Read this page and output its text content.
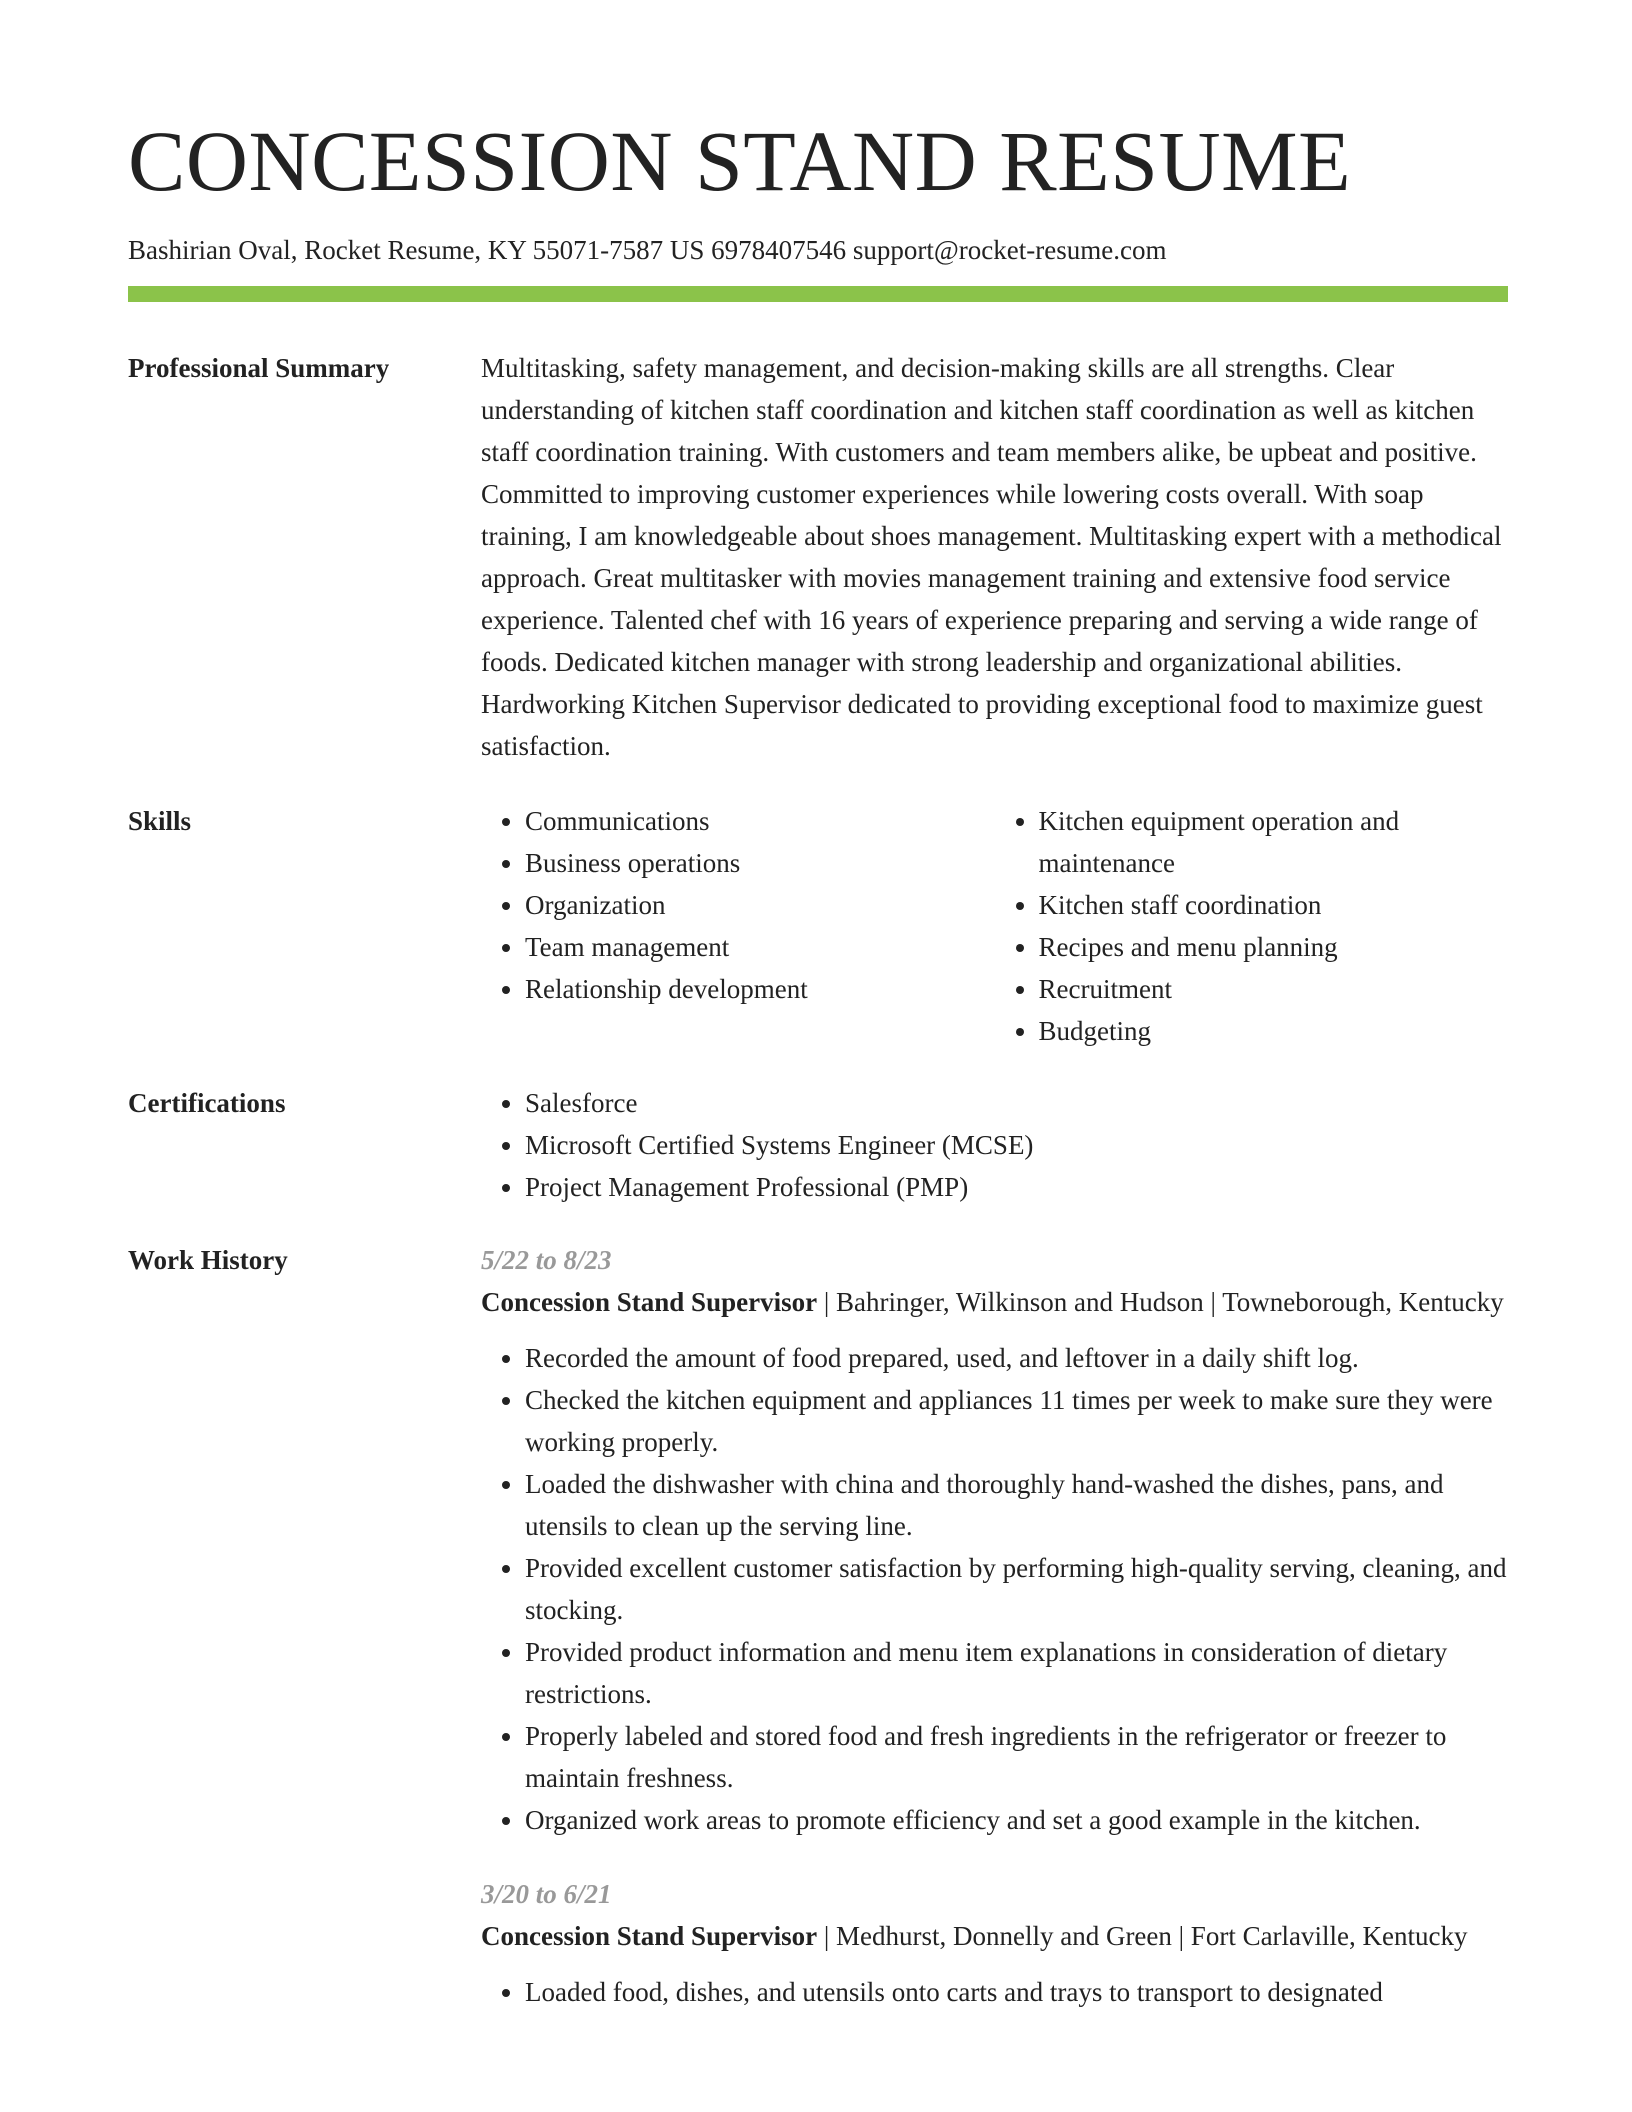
CONCESSION STAND RESUME
Bashirian Oval, Rocket Resume, KY 55071-7587 US 6978407546 support@rocket-resume.com
Professional Summary	Multitasking, safety management, and decision-making skills are all strengths. Clear understanding of kitchen staff coordination and kitchen staff coordination as well as kitchen staff coordination training. With customers and team members alike, be upbeat and positive. Committed to improving customer experiences while lowering costs overall. With soap training, I am knowledgeable about shoes management. Multitasking expert with a methodical approach. Great multitasker with movies management training and extensive food service experience. Talented chef with 16 years of experience preparing and serving a wide range of foods. Dedicated kitchen manager with strong leadership and organizational abilities. Hardworking Kitchen Supervisor dedicated to providing exceptional food to maximize guest satisfaction.

Skills	• Communications
• Business operations
• Organization
• Team management
• Relationship development
• Kitchen equipment operation and maintenance
• Kitchen staff coordination
• Recipes and menu planning
• Recruitment
• Budgeting
Certifications	• Salesforce
• Microsoft Certified Systems Engineer (MCSE)
• Project Management Professional (PMP)
Work History	5/22 to 8/23
Concession Stand Supervisor | Bahringer, Wilkinson and Hudson | Towneborough, Kentucky
• Recorded the amount of food prepared, used, and leftover in a daily shift log.
• Checked the kitchen equipment and appliances 11 times per week to make sure they were working properly.
• Loaded the dishwasher with china and thoroughly hand-washed the dishes, pans, and utensils to clean up the serving line.
• Provided excellent customer satisfaction by performing high-quality serving, cleaning, and stocking.
• Provided product information and menu item explanations in consideration of dietary restrictions.
• Properly labeled and stored food and fresh ingredients in the refrigerator or freezer to maintain freshness.
• Organized work areas to promote efficiency and set a good example in the kitchen.
3/20 to 6/21
Concession Stand Supervisor | Medhurst, Donnelly and Green | Fort Carlaville, Kentucky
• Loaded food, dishes, and utensils onto carts and trays to transport to designated
